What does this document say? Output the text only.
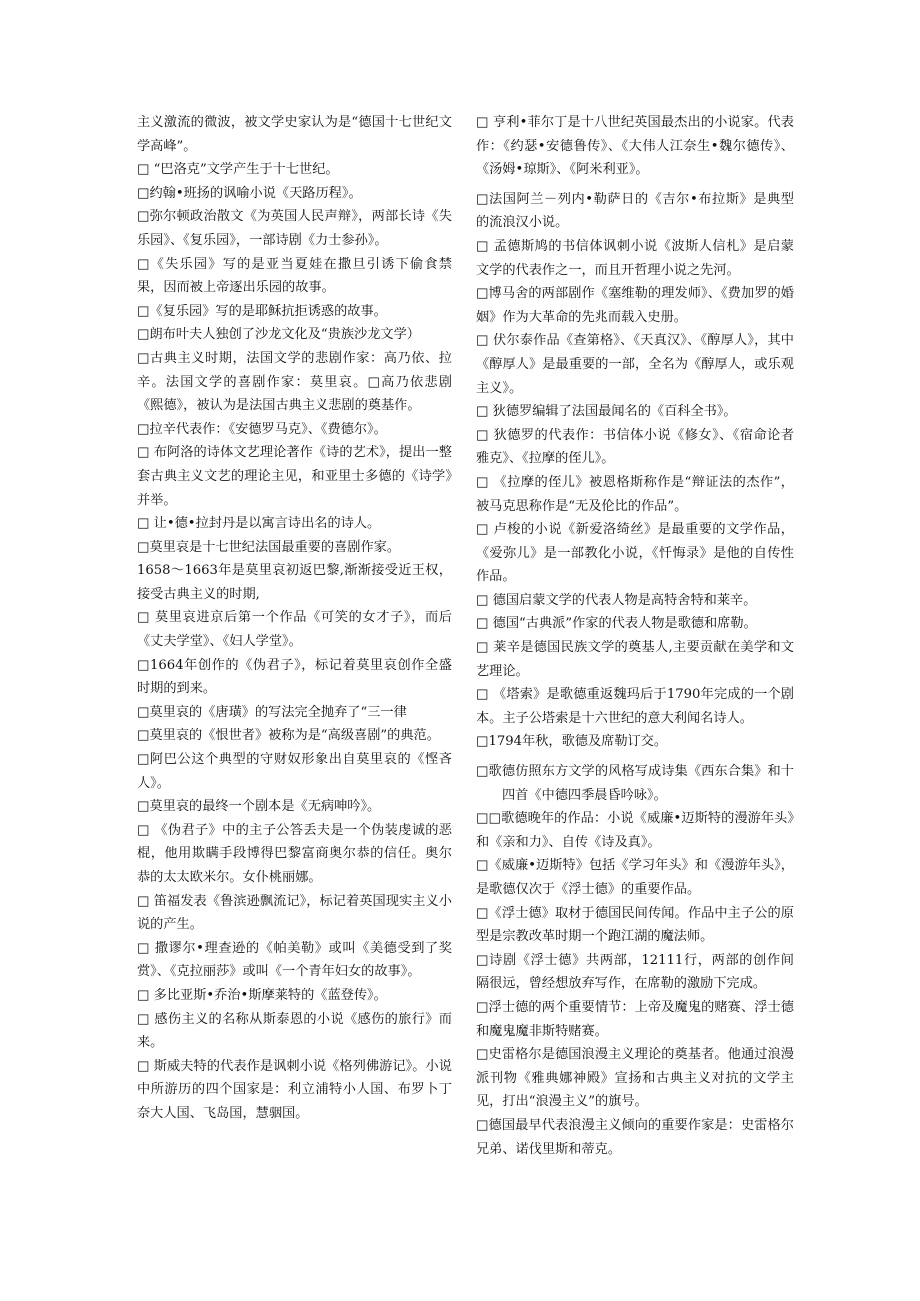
主义激流的微波，被文学史家认为是“德国十七世纪文学高峰”。

□ “巴洛克”文学产生于十七世纪。

□约翰•班扬的讽喻小说《天路历程》。

□弥尔顿政治散文《为英国人民声辩》，两部长诗《失乐园》、《复乐园》，一部诗剧《力士参孙》。

□《失乐园》写的是亚当夏娃在撒旦引诱下偷食禁果，因而被上帝逐出乐园的故事。

□《复乐园》写的是耶稣抗拒诱惑的故事。

□朗布叶夫人独创了沙龙文化及“贵族沙龙文学）

□古典主义时期，法国文学的悲剧作家：高乃依、拉辛。法国文学的喜剧作家：莫里哀。□高乃依悲剧《熙德》，被认为是法国古典主义悲剧的奠基作。

□拉辛代表作：《安德罗马克》、《费德尔》。

□ 布阿洛的诗体文艺理论著作《诗的艺术》，提出一整套古典主义文艺的理论主见，和亚里士多德的《诗学》并举。

□ 让•德•拉封丹是以寓言诗出名的诗人。

□莫里哀是十七世纪法国最重要的喜剧作家。

1658～1663年是莫里哀初返巴黎,渐渐接受近王权，接受古典主义的时期,

□ 莫里哀进京后第一个作品《可笑的女才子》，而后《丈夫学堂》、《妇人学堂》。

□1664年创作的《伪君子》，标记着莫里哀创作全盛时期的到来。

□莫里哀的《唐璜》的写法完全抛弃了“三一律

□莫里哀的《恨世者》被称为是“高级喜剧”的典范。

□阿巴公这个典型的守财奴形象出自莫里哀的《悭吝人》。

□莫里哀的最终一个剧本是《无病呻吟》。

□ 《伪君子》中的主子公答丢夫是一个伪装虔诚的恶棍，他用欺瞒手段博得巴黎富商奥尔恭的信任。奥尔恭的太太欧米尔。女仆桃丽娜。

□ 笛福发表《鲁滨逊飘流记》，标记着英国现实主义小说的产生。

□ 撒谬尔•理查逊的《帕美勒》或叫《美德受到了奖赏》、《克拉丽莎》或叫《一个青年妇女的故事》。

□ 多比亚斯•乔治•斯摩莱特的《蓝登传》。

□ 感伤主义的名称从斯泰恩的小说《感伤的旅行》而来。

□ 斯威夫特的代表作是讽刺小说《格列佛游记》。小说中所游历的四个国家是：利立浦特小人国、布罗卜丁奈大人国、飞岛国，慧骃国。

□ 亨利•菲尔丁是十八世纪英国最杰出的小说家。代表作：《约瑟•安德鲁传》、《大伟人江奈生•魏尔德传》、《汤姆•琼斯》、《阿米利亚》。

□法国阿兰－列内•勒萨日的《吉尔•布拉斯》是典型的流浪汉小说。

□ 孟德斯鸠的书信体讽刺小说《波斯人信札》是启蒙文学的代表作之一，而且开哲理小说之先河。

□博马舍的两部剧作《塞维勒的理发师》、《费加罗的婚姻》作为大革命的先兆而载入史册。

□ 伏尔泰作品《查第格》、《天真汉》、《醇厚人》，其中《醇厚人》是最重要的一部，全名为《醇厚人，或乐观主义》。

□ 狄德罗编辑了法国最闻名的《百科全书》。

□ 狄德罗的代表作：书信体小说《修女》、《宿命论者雅克》、《拉摩的侄儿》。

□ 《拉摩的侄儿》被恩格斯称作是“辩证法的杰作”，被马克思称作是“无及伦比的作品”。

□ 卢梭的小说《新爱洛绮丝》是最重要的文学作品，《爱弥儿》是一部教化小说，《忏悔录》是他的自传性作品。

□ 德国启蒙文学的代表人物是高特舍特和莱辛。

□ 德国“古典派”作家的代表人物是歌德和席勒。

□ 莱辛是德国民族文学的奠基人,主要贡献在美学和文艺理论。

□ 《塔索》是歌德重返魏玛后于1790年完成的一个剧本。主子公塔索是十六世纪的意大利闻名诗人。

□1794年秋，歌德及席勒订交。

□歌德仿照东方文学的风格写成诗集《西东合集》和十四首《中德四季晨昏吟咏》。

□□歌德晚年的作品：小说《威廉•迈斯特的漫游年头》和《亲和力》、自传《诗及真》。

□《威廉•迈斯特》包括《学习年头》和《漫游年头》，是歌德仅次于《浮士德》的重要作品。

□《浮士德》取材于德国民间传闻。作品中主子公的原型是宗教改革时期一个跑江湖的魔法师。

□诗剧《浮士德》共两部，12111行，两部的创作间隔很远，曾经想放弃写作，在席勒的激励下完成。

□浮士德的两个重要情节：上帝及魔鬼的赌赛、浮士德和魔鬼魔非斯特赌赛。

□史雷格尔是德国浪漫主义理论的奠基者。他通过浪漫派刊物《雅典娜神殿》宣扬和古典主义对抗的文学主见，打出“浪漫主义”的旗号。

□德国最早代表浪漫主义倾向的重要作家是：史雷格尔兄弟、诺伐里斯和蒂克。
